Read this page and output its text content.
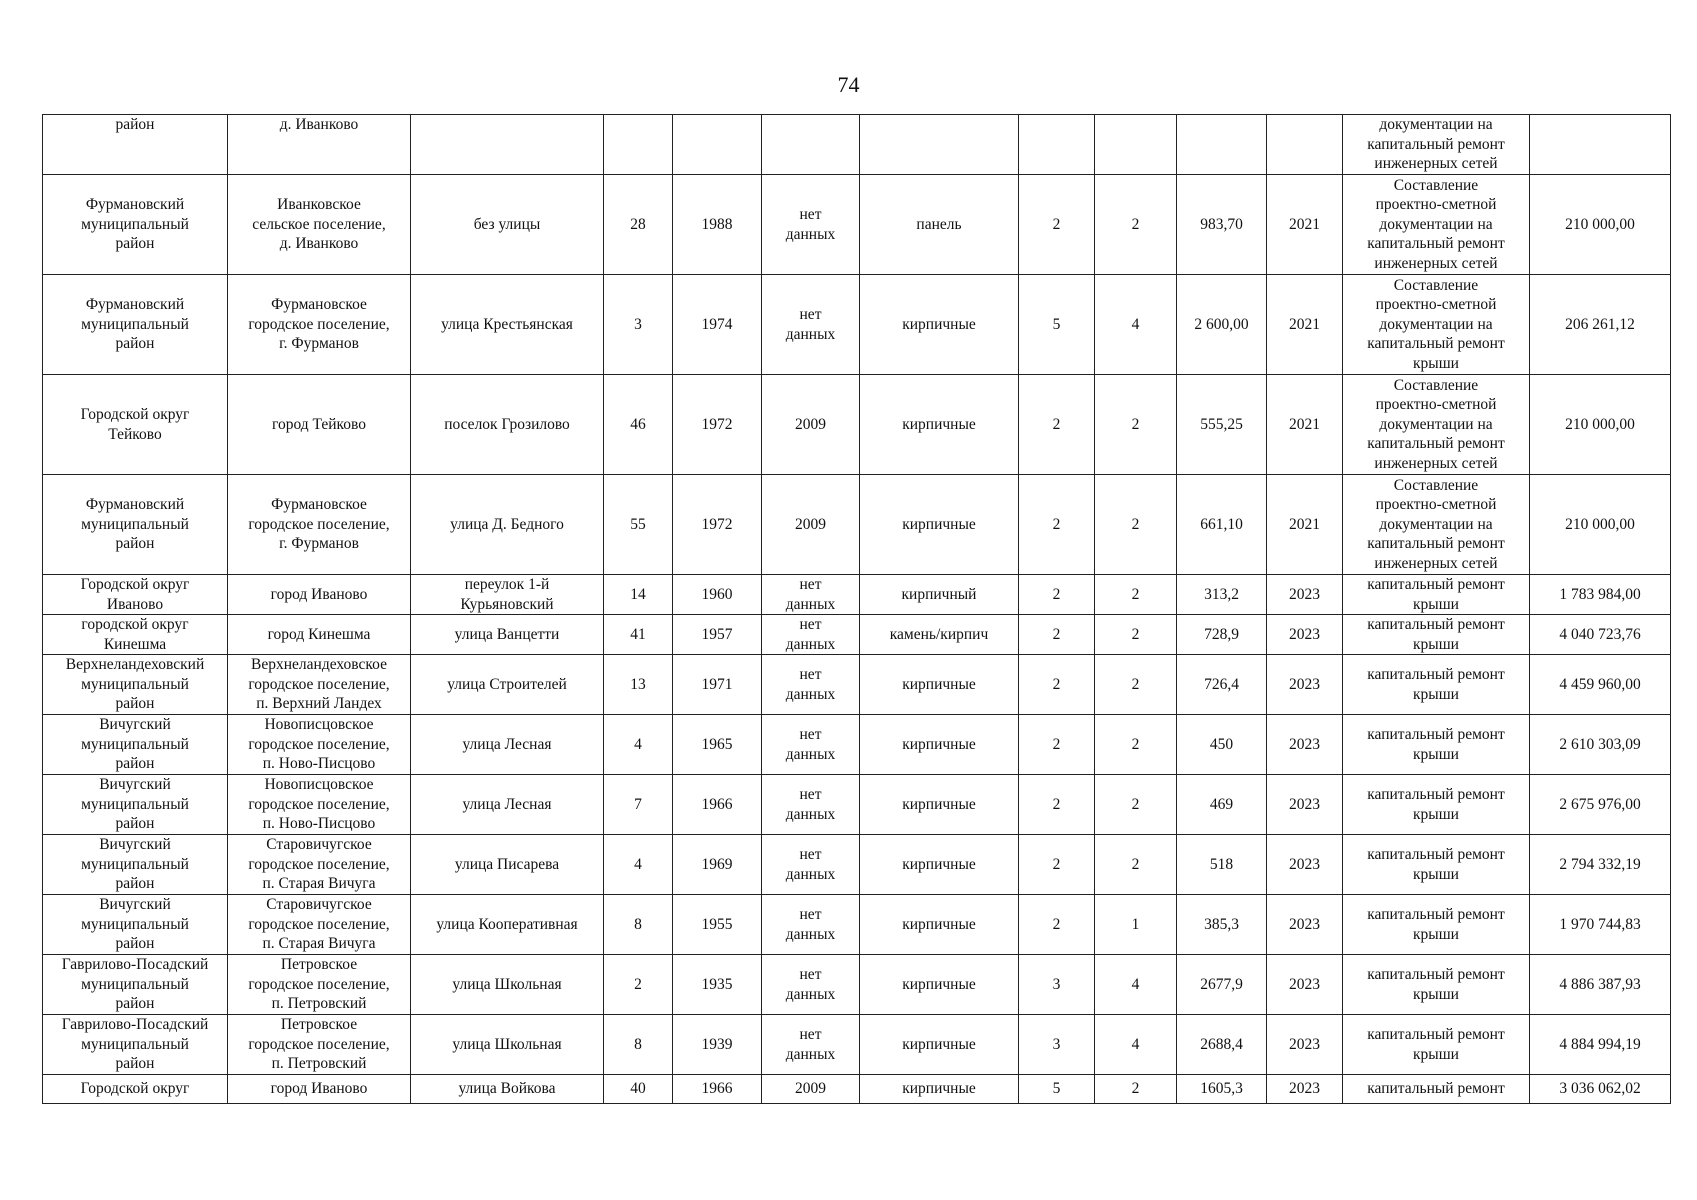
74
район	д. Иванково										документации на
капитальный ремонт
инженерных сетей	

Фурмановский
муниципальный
район	Иванковское
сельское поселение,
д. Иванково	без улицы	28	1988	нет
данных	панель	2	2	983,70	2021	Составление
проектно-сметной
документации на
капитальный ремонт
инженерных сетей	210 000,00

Фурмановский
муниципальный
район	Фурмановское
городское поселение,
г. Фурманов	улица Крестьянская	3	1974	нет
данных	кирпичные	5	4	2 600,00	2021	Составление
проектно-сметной
документации на
капитальный ремонт
крыши	206 261,12

Городской округ
Тейково	город Тейково	поселок Грозилово	46	1972	2009	кирпичные	2	2	555,25	2021	Составление
проектно-сметной
документации на
капитальный ремонт
инженерных сетей	210 000,00

Фурмановский
муниципальный
район	Фурмановское
городское поселение,
г. Фурманов	улица Д. Бедного	55	1972	2009	кирпичные	2	2	661,10	2021	Составление
проектно-сметной
документации на
капитальный ремонт
инженерных сетей	210 000,00

Городской округ
Иваново	город Иваново	переулок 1-й
Курьяновский	14	1960	нет
данных	кирпичный	2	2	313,2	2023	капитальный ремонт
крыши	1 783 984,00

городской округ
Кинешма	город Кинешма	улица Ванцетти	41	1957	нет
данных	камень/кирпич	2	2	728,9	2023	капитальный ремонт
крыши	4 040 723,76

Верхнеландеховский
муниципальный
район	Верхнеландеховское
городское поселение,
п. Верхний Ландех	улица Строителей	13	1971	нет
данных	кирпичные	2	2	726,4	2023	капитальный ремонт
крыши	4 459 960,00

Вичугский
муниципальный
район	Новописцовское
городское поселение,
п. Ново-Писцово	улица Лесная	4	1965	нет
данных	кирпичные	2	2	450	2023	капитальный ремонт
крыши	2 610 303,09

Вичугский
муниципальный
район	Новописцовское
городское поселение,
п. Ново-Писцово	улица Лесная	7	1966	нет
данных	кирпичные	2	2	469	2023	капитальный ремонт
крыши	2 675 976,00

Вичугский
муниципальный
район	Старовичугское
городское поселение,
п. Старая Вичуга	улица Писарева	4	1969	нет
данных	кирпичные	2	2	518	2023	капитальный ремонт
крыши	2 794 332,19

Вичугский
муниципальный
район	Старовичугское
городское поселение,
п. Старая Вичуга	улица Кооперативная	8	1955	нет
данных	кирпичные	2	1	385,3	2023	капитальный ремонт
крыши	1 970 744,83

Гаврилово-Посадский
муниципальный
район	Петровское
городское поселение,
п. Петровский	улица Школьная	2	1935	нет
данных	кирпичные	3	4	2677,9	2023	капитальный ремонт
крыши	4 886 387,93

Гаврилово-Посадский
муниципальный
район	Петровское
городское поселение,
п. Петровский	улица Школьная	8	1939	нет
данных	кирпичные	3	4	2688,4	2023	капитальный ремонт
крыши	4 884 994,19

Городской округ	город Иваново	улица Войкова	40	1966	2009	кирпичные	5	2	1605,3	2023	капитальный ремонт	3 036 062,02
